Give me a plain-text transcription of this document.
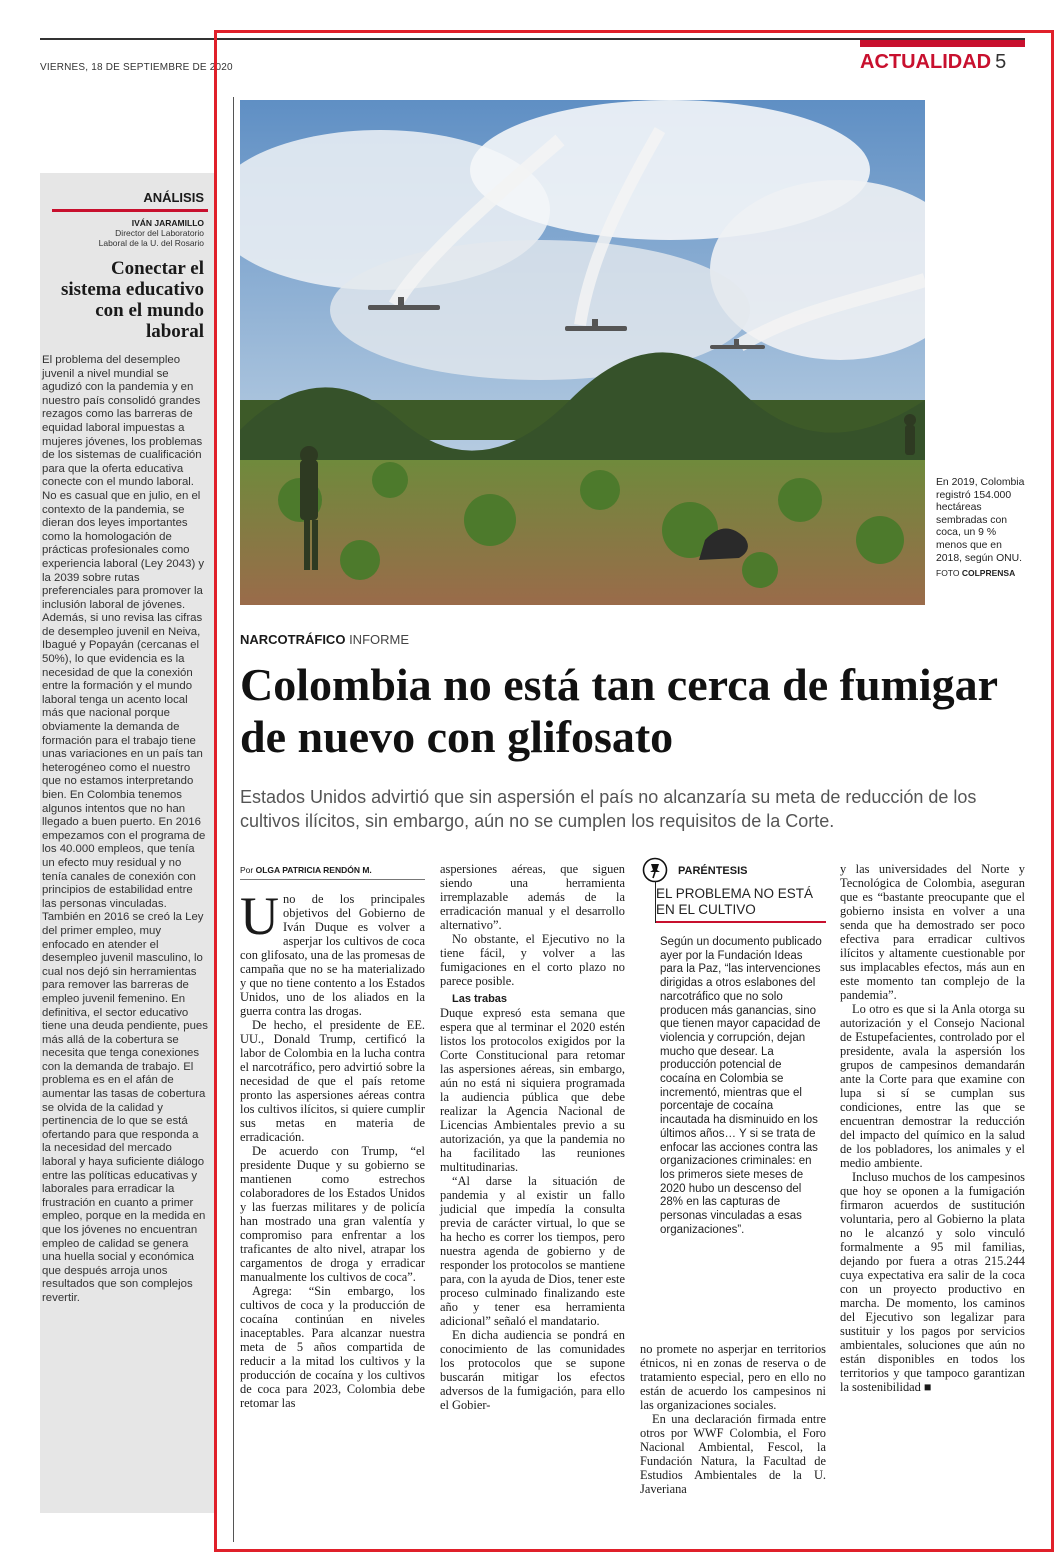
VIERNES, 18 DE SEPTIEMBRE DE 2020	ACTUALIDAD 5
ANÁLISIS
IVÁN JARAMILLO
Director del Laboratorio
Laboral de la U. del Rosario
Conectar el sistema educativo con el mundo laboral

El problema del desempleo juvenil a nivel mundial se agudizó con la pandemia y en nuestro país consolidó grandes rezagos como las barreras de equidad laboral impuestas a mujeres jóvenes, los problemas de los sistemas de cualificación para que la oferta educativa conecte con el mundo laboral. No es casual que en julio, en el contexto de la pandemia, se dieran dos leyes importantes como la homologación de prácticas profesionales como experiencia laboral (Ley 2043) y la 2039 sobre rutas preferenciales para promover la inclusión laboral de jóvenes. Además, si uno revisa las cifras de desempleo juvenil en Neiva, Ibagué y Popayán (cercanas el 50%), lo que evidencia es la necesidad de que la conexión entre la formación y el mundo laboral tenga un acento local más que nacional porque obviamente la demanda de formación para el trabajo tiene unas variaciones en un país tan heterogéneo como el nuestro que no estamos interpretando bien. En Colombia tenemos algunos intentos que no han llegado a buen puerto. En 2016 empezamos con el programa de los 40.000 empleos, que tenía un efecto muy residual y no tenía canales de conexión con principios de estabilidad entre las personas vinculadas. También en 2016 se creó la Ley del primer empleo, muy enfocado en atender el desempleo juvenil masculino, lo cual nos dejó sin herramientas para remover las barreras de empleo juvenil femenino. En definitiva, el sector educativo tiene una deuda pendiente, pues más allá de la cobertura se necesita que tenga conexiones con la demanda de trabajo. El problema es en el afán de aumentar las tasas de cobertura se olvida de la calidad y pertinencia de lo que se está ofertando para que responda a la necesidad del mercado laboral y haya suficiente diálogo entre las políticas educativas y laborales para erradicar la frustración en cuanto a primer empleo, porque en la medida en que los jóvenes no encuentran empleo de calidad se genera una huella social y económica que después arroja unos resultados que son complejos revertir.

En 2019, Colombia registró 154.000 hectáreas sembradas con coca, un 9 % menos que en 2018, según ONU.
FOTO COLPRENSA
NARCOTRÁFICO INFORME
Colombia no está tan cerca de fumigar de nuevo con glifosato

Estados Unidos advirtió que sin aspersión el país no alcanzaría su meta de reducción de los cultivos ilícitos, sin embargo, aún no se cumplen los requisitos de la Corte.

Por OLGA PATRICIA RENDÓN M.

Uno de los principales objetivos del Gobierno de Iván Duque es volver a asperjar los cultivos de coca con glifosato, una de las promesas de campaña que no se ha materializado y que no tiene contento a los Estados Unidos, uno de los aliados en la guerra contra las drogas.

De hecho, el presidente de EE. UU., Donald Trump, certificó la labor de Colombia en la lucha contra el narcotráfico, pero advirtió sobre la necesidad de que el país retome pronto las aspersiones aéreas contra los cultivos ilícitos, si quiere cumplir sus metas en materia de erradicación.

De acuerdo con Trump, “el presidente Duque y su gobierno se mantienen como estrechos colaboradores de los Estados Unidos y las fuerzas militares y de policía han mostrado una gran valentía y compromiso para enfrentar a los traficantes de alto nivel, atrapar los cargamentos de droga y erradicar manualmente los cultivos de coca”.

Agrega: “Sin embargo, los cultivos de coca y la producción de cocaína continúan en niveles inaceptables. Para alcanzar nuestra meta de 5 años compartida de reducir a la mitad los cultivos y la producción de cocaína y los cultivos de coca para 2023, Colombia debe retomar las

aspersiones aéreas, que siguen siendo una herramienta irremplazable además de la erradicación manual y el desarrollo alternativo”.

No obstante, el Ejecutivo no la tiene fácil, y volver a las fumigaciones en el corto plazo no parece posible.

Las trabas

Duque expresó esta semana que espera que al terminar el 2020 estén listos los protocolos exigidos por la Corte Constitucional para retomar las aspersiones aéreas, sin embargo, aún no está ni siquiera programada la audiencia pública que debe realizar la Agencia Nacional de Licencias Ambientales previo a su autorización, ya que la pandemia no ha facilitado las reuniones multitudinarias.

“Al darse la situación de pandemia y al existir un fallo judicial que impedía la consulta previa de carácter virtual, lo que se ha hecho es correr los tiempos, pero nuestra agenda de gobierno y de responder los protocolos se mantiene para, con la ayuda de Dios, tener este proceso culminado finalizando este año y tener esa herramienta adicional” señaló el mandatario.

En dicha audiencia se pondrá en conocimiento de las comunidades los protocolos que se supone buscarán mitigar los efectos adversos de la fumigación, para ello el Gobier-

PARÉNTESIS
EL PROBLEMA NO ESTÁ EN EL CULTIVO

Según un documento publicado ayer por la Fundación Ideas para la Paz, “las intervenciones dirigidas a otros eslabones del narcotráfico que no solo producen más ganancias, sino que tienen mayor capacidad de violencia y corrupción, dejan mucho que desear. La producción potencial de cocaína en Colombia se incrementó, mientras que el porcentaje de cocaína incautada ha disminuido en los últimos años… Y si se trata de enfocar las acciones contra las organizaciones criminales: en los primeros siete meses de 2020 hubo un descenso del 28% en las capturas de personas vinculadas a esas organizaciones”.

no promete no asperjar en territorios étnicos, ni en zonas de reserva o de tratamiento especial, pero en ello no están de acuerdo los campesinos ni las organizaciones sociales.

En una declaración firmada entre otros por WWF Colombia, el Foro Nacional Ambiental, Fescol, la Fundación Natura, la Facultad de Estudios Ambientales de la U. Javeriana

y las universidades del Norte y Tecnológica de Colombia, aseguran que es “bastante preocupante que el gobierno insista en volver a una senda que ha demostrado ser poco efectiva para erradicar cultivos ilícitos y altamente cuestionable por sus implacables efectos, más aun en este momento tan complejo de la pandemia”.

Lo otro es que si la Anla otorga su autorización y el Consejo Nacional de Estupefacientes, controlado por el presidente, avala la aspersión los grupos de campesinos demandarán ante la Corte para que examine con lupa si sí se cumplan sus condiciones, entre las que se encuentran demostrar la reducción del impacto del químico en la salud de los pobladores, los animales y el medio ambiente.

Incluso muchos de los campesinos que hoy se oponen a la fumigación firmaron acuerdos de sustitución voluntaria, pero al Gobierno la plata no le alcanzó y solo vinculó formalmente a 95 mil familias, dejando por fuera a otras 215.244 cuya expectativa era salir de la coca con un proyecto productivo en marcha. De momento, los caminos del Ejecutivo son legalizar para sustituir y los pagos por servicios ambientales, soluciones que aún no están disponibles en todos los territorios y que tampoco garantizan la sostenibilidad ■
